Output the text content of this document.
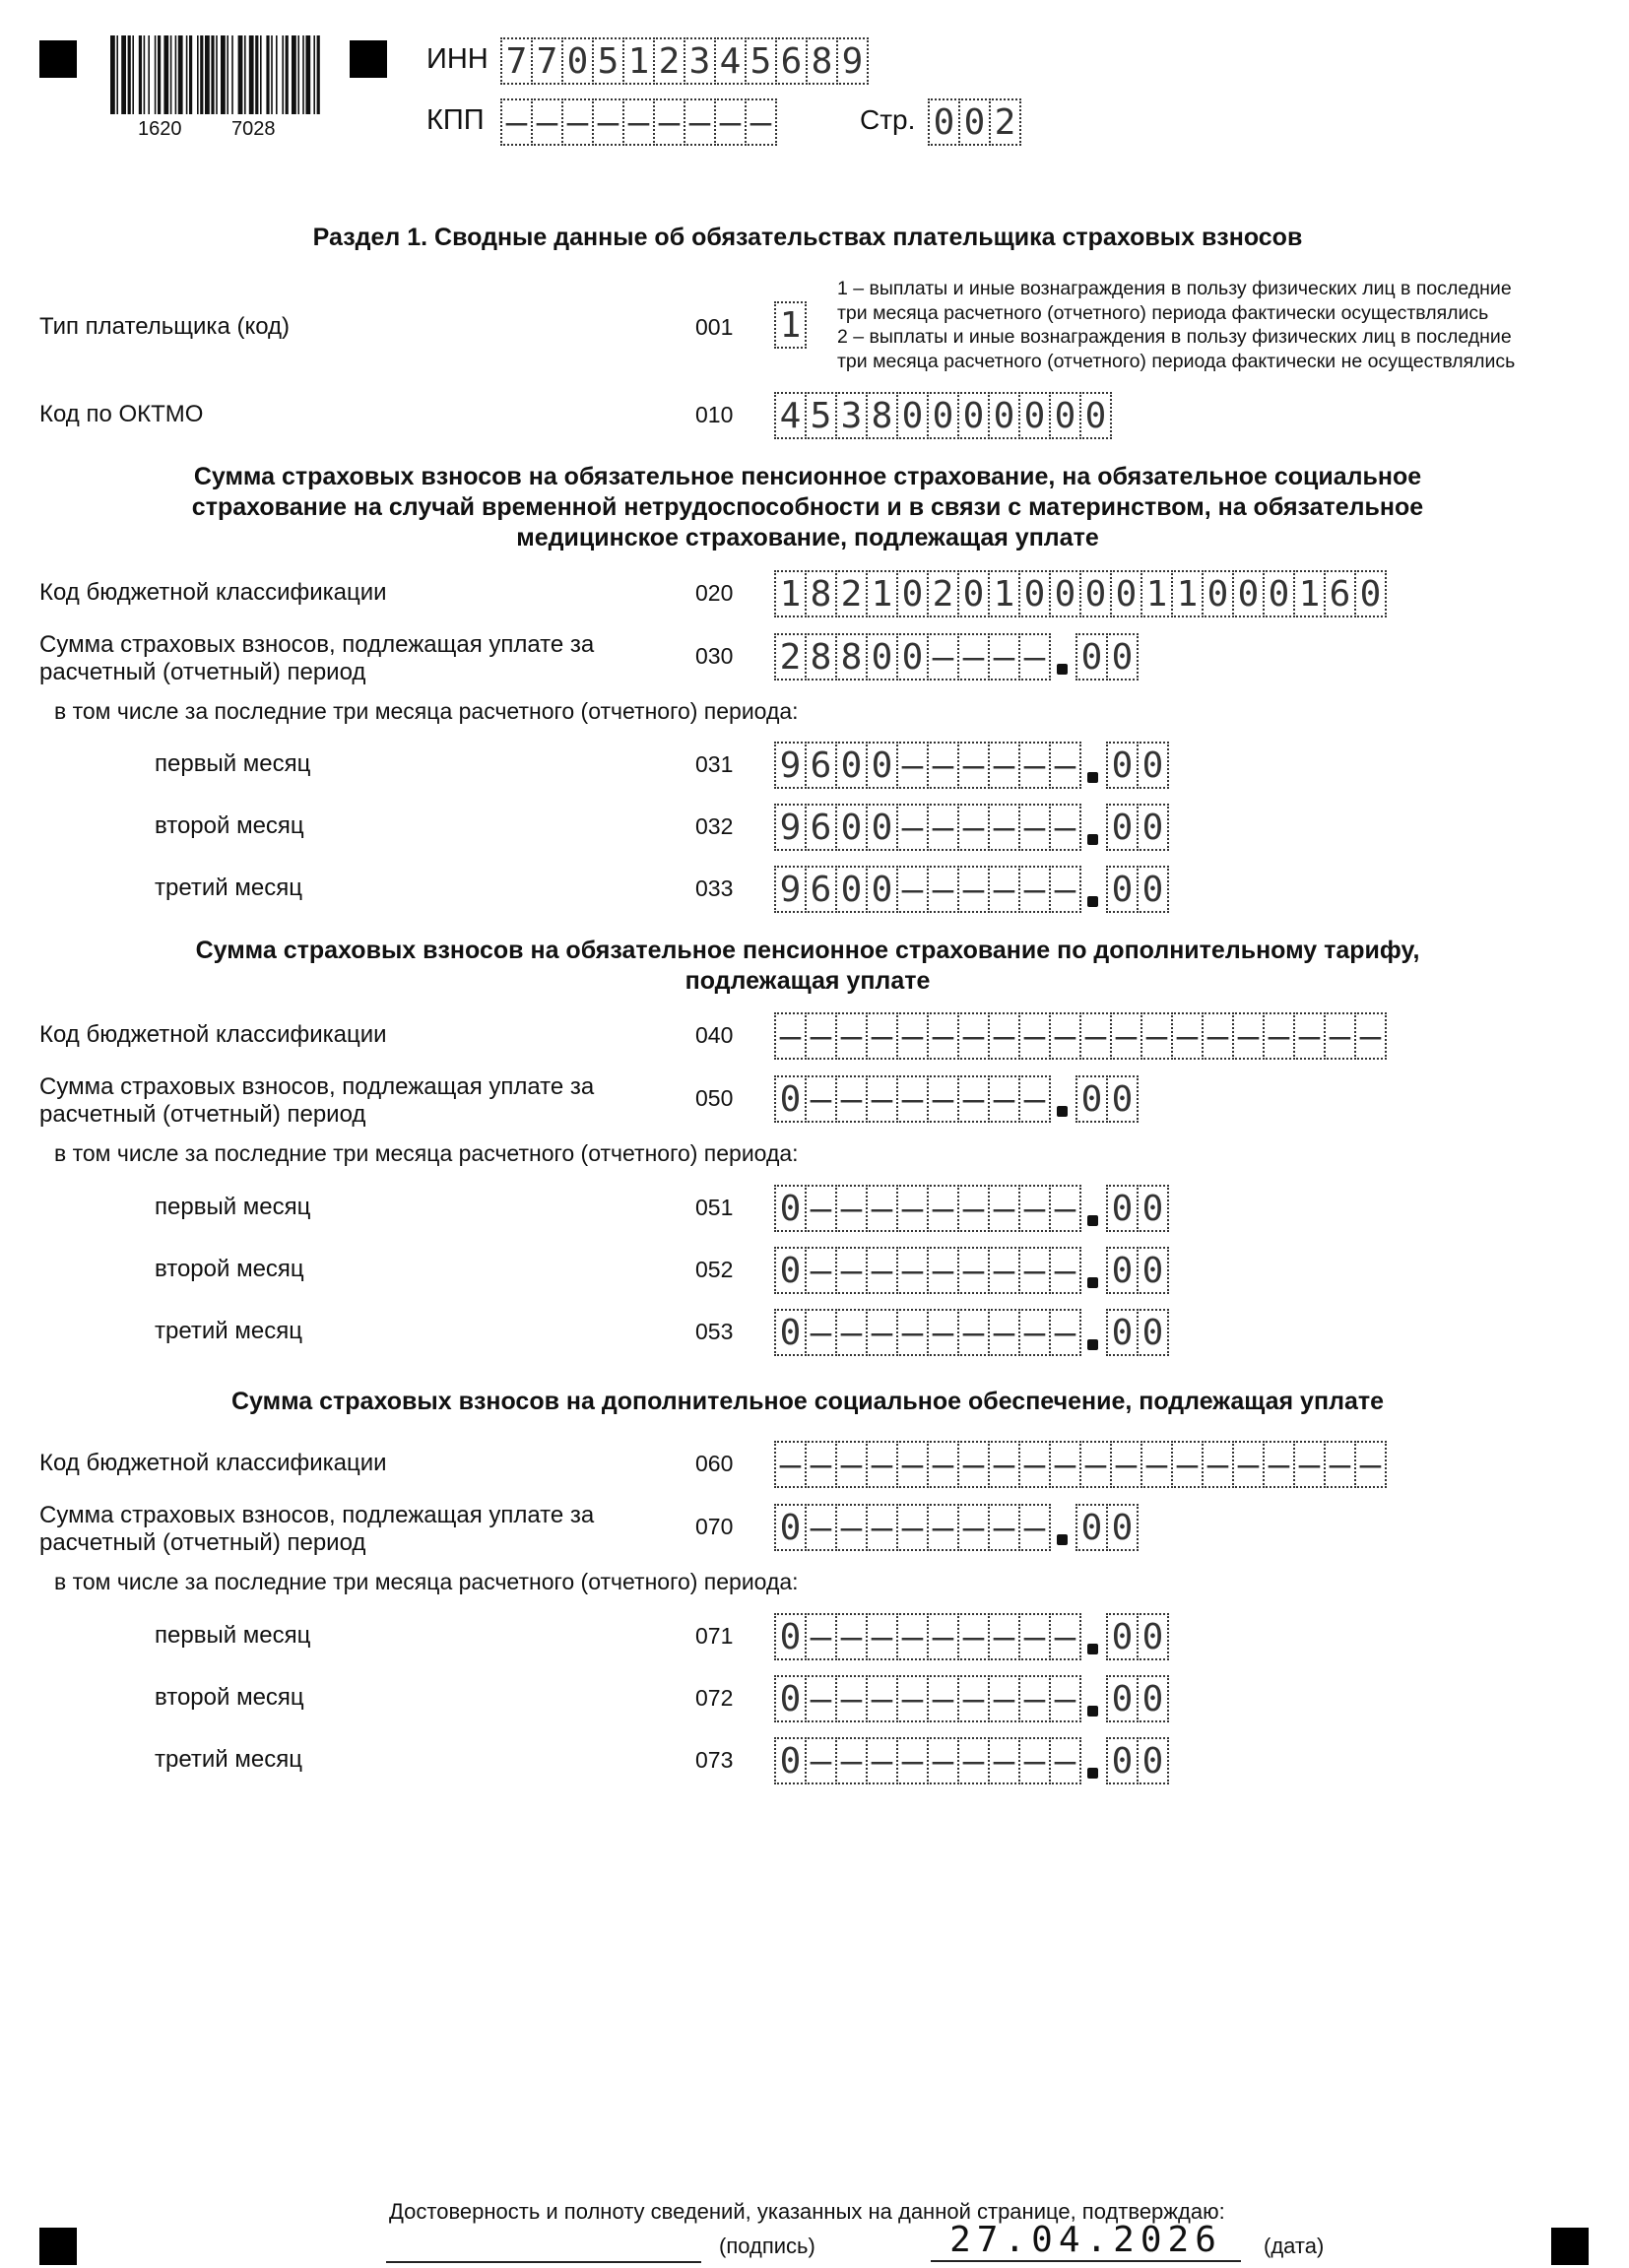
1620	7028
ИНН 7 7 0 5 1 2 3 4 5 6 8 9
КПП – – – – – – – – –	Стр. 0 0 2
Раздел 1. Сводные данные об обязательствах плательщика страховых взносов
Тип плательщика (код)	001 1
1 – выплаты и иные вознаграждения в пользу физических лиц в последние
три месяца расчетного (отчетного) периода фактически осуществлялись
2 – выплаты и иные вознаграждения в пользу физических лиц в последние
три месяца расчетного (отчетного) периода фактически не осуществлялись
Код по ОКТМО	010 4 5 3 8 0 0 0 0 0 0 0
Сумма страховых взносов на обязательное пенсионное страхование, на обязательное социальное
страхование на случай временной нетрудоспособности и в связи с материнством, на обязательное
медицинское страхование, подлежащая уплате
Код бюджетной классификации	020 1 8 2 1 0 2 0 1 0 0 0 0 1 1 0 0 0 1 6 0
Сумма страховых взносов, подлежащая уплате за
расчетный (отчетный) период
030 2 8 8 0 0 – – – – 0 0
в том числе за последние три месяца расчетного (отчетного) периода:
первый месяц	031 9 6 0 0 – – – – – – 0 0
второй месяц	032 9 6 0 0 – – – – – – 0 0
третий месяц	033 9 6 0 0 – – – – – – 0 0
Сумма страховых взносов на обязательное пенсионное страхование по дополнительному тарифу,
подлежащая уплате
Код бюджетной классификации	040 – – – – – – – – – – – – – – – – – – – –
Сумма страховых взносов, подлежащая уплате за
расчетный (отчетный) период
050 0 – – – – – – – – 0 0
в том числе за последние три месяца расчетного (отчетного) периода:
первый месяц	051 0 – – – – – – – – – 0 0
второй месяц	052 0 – – – – – – – – – 0 0
третий месяц	053 0 – – – – – – – – – 0 0
Сумма страховых взносов на дополнительное социальное обеспечение, подлежащая уплате
Код бюджетной классификации	060 – – – – – – – – – – – – – – – – – – – –
Сумма страховых взносов, подлежащая уплате за
расчетный (отчетный) период
070 0 – – – – – – – – 0 0
в том числе за последние три месяца расчетного (отчетного) периода:
первый месяц	071 0 – – – – – – – – – 0 0
второй месяц	072 0 – – – – – – – – – 0 0
третий месяц	073 0 – – – – – – – – – 0 0
Достоверность и полноту сведений, указанных на данной странице, подтверждаю:
(подпись)	27.04.2026	(дата)
